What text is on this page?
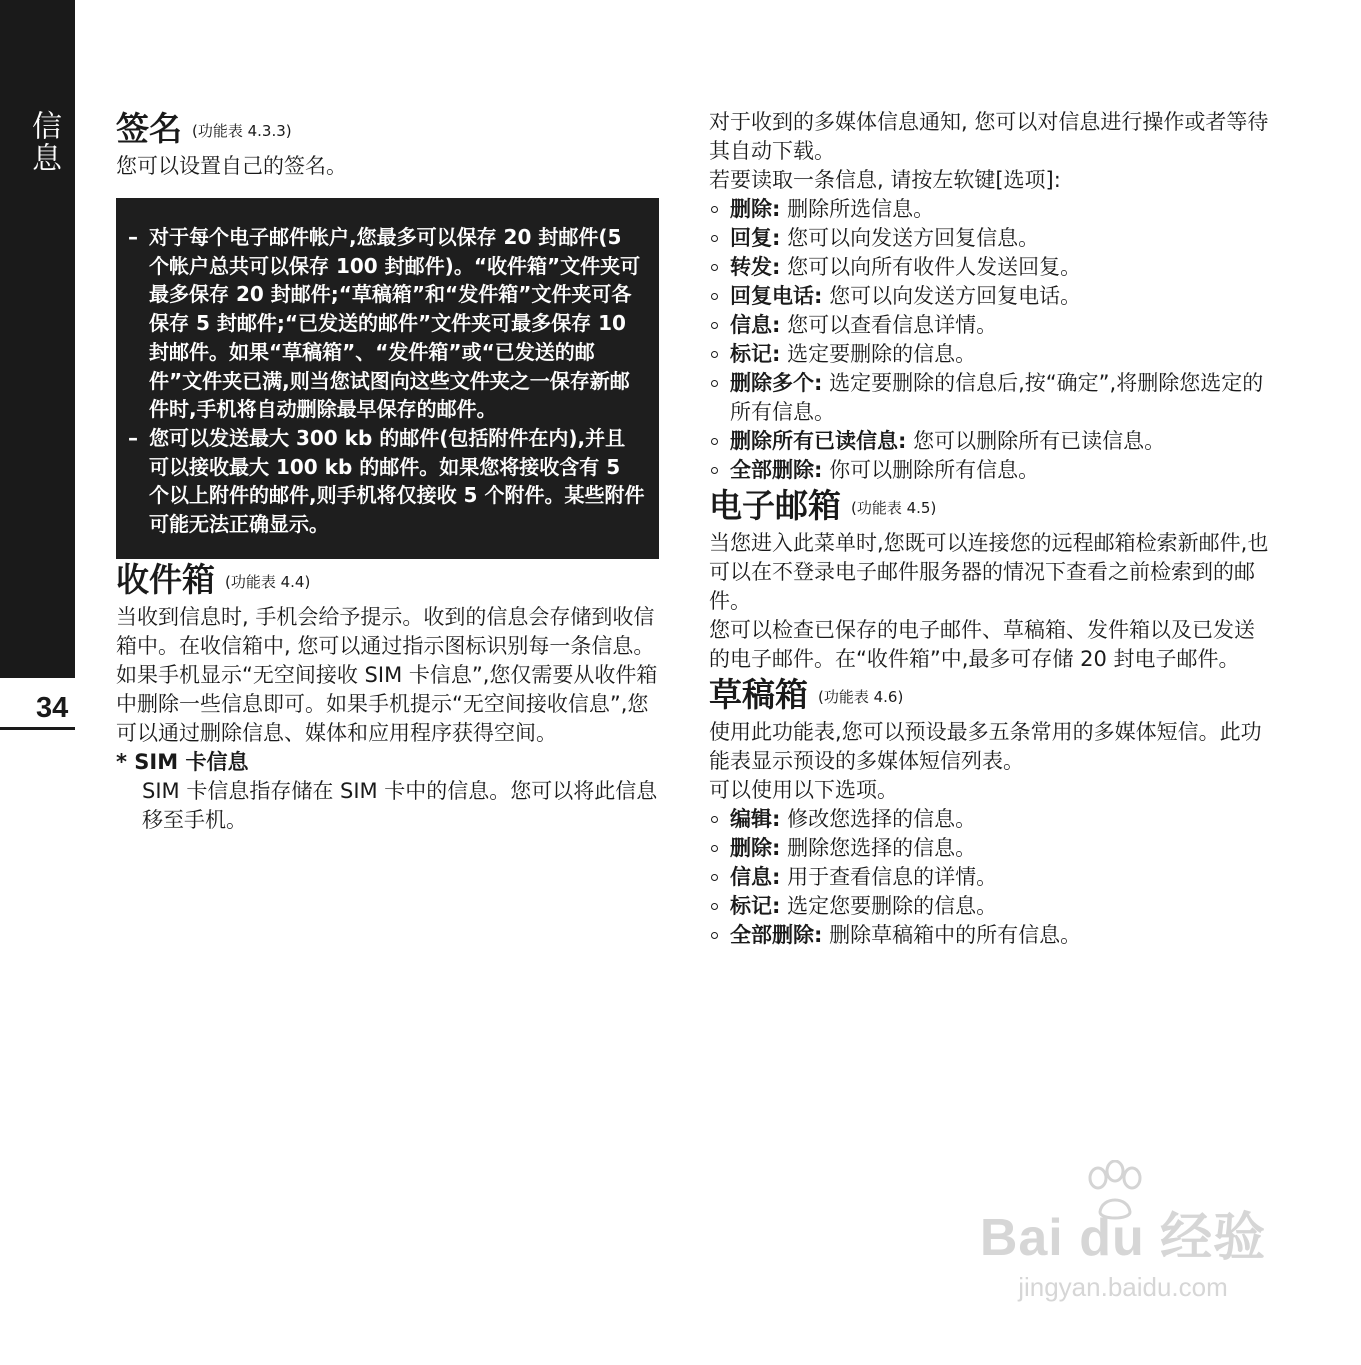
信息
34
签名 (功能表 4.3.3)

您可以设置自己的签名。

– 对于每个电子邮件帐户,您最多可以保存 20 封邮件(5 个帐户总共可以保存 100 封邮件)。“收件箱”文件夹可最多保存 20 封邮件;“草稿箱”和“发件箱”文件夹可各保存 5 封邮件;“已发送的邮件”文件夹可最多保存 10 封邮件。如果“草稿箱”、“发件箱”或“已发送的邮件”文件夹已满,则当您试图向这些文件夹之一保存新邮件时,手机将自动删除最早保存的邮件。
– 您可以发送最大 300 kb 的邮件(包括附件在内),并且可以接收最大 100 kb 的邮件。如果您将接收含有 5 个以上附件的邮件,则手机将仅接收 5 个附件。某些附件可能无法正确显示。
收件箱 (功能表 4.4)

当收到信息时, 手机会给予提示。收到的信息会存储到收信箱中。在收信箱中, 您可以通过指示图标识别每一条信息。

如果手机显示“无空间接收 SIM 卡信息”,您仅需要从收件箱中删除一些信息即可。如果手机提示“无空间接收信息”,您可以通过删除信息、媒体和应用程序获得空间。

* SIM 卡信息

SIM 卡信息指存储在 SIM 卡中的信息。您可以将此信息移至手机。

对于收到的多媒体信息通知, 您可以对信息进行操作或者等待其自动下载。

若要读取一条信息, 请按左软键[选项]:

删除: 删除所选信息。
回复: 您可以向发送方回复信息。
转发: 您可以向所有收件人发送回复。
回复电话: 您可以向发送方回复电话。
信息: 您可以查看信息详情。
标记: 选定要删除的信息。
删除多个: 选定要删除的信息后,按“确定”,将删除您选定的所有信息。
删除所有已读信息: 您可以删除所有已读信息。
全部删除: 你可以删除所有信息。
电子邮箱 (功能表 4.5)

当您进入此菜单时,您既可以连接您的远程邮箱检索新邮件,也可以在不登录电子邮件服务器的情况下查看之前检索到的邮件。

您可以检查已保存的电子邮件、草稿箱、发件箱以及已发送的电子邮件。在“收件箱”中,最多可存储 20 封电子邮件。

草稿箱 (功能表 4.6)

使用此功能表,您可以预设最多五条常用的多媒体短信。此功能表显示预设的多媒体短信列表。

可以使用以下选项。

编辑: 修改您选择的信息。
删除: 删除您选择的信息。
信息: 用于查看信息的详情。
标记: 选定您要删除的信息。
全部删除: 删除草稿箱中的所有信息。
Bai du 经验
jingyan.baidu.com
